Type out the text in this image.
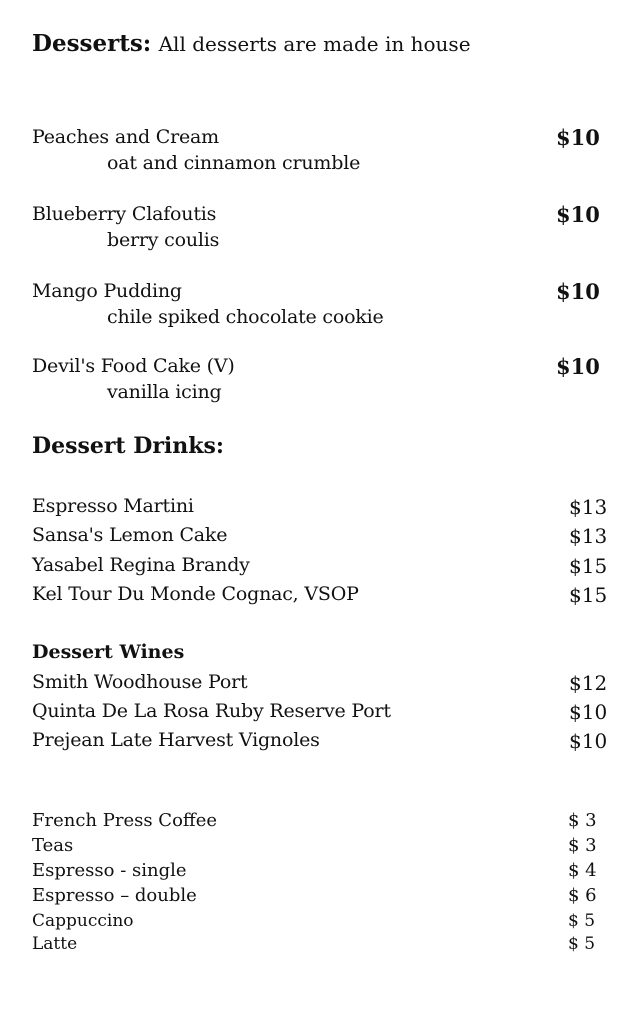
Desserts: All desserts are made in house
Peaches and Cream
oat and cinnamon crumble
$10
Blueberry Clafoutis
berry coulis
$10
Mango Pudding
chile spiked chocolate cookie
$10
Devil's Food Cake (V)
vanilla icing
$10
Dessert Drinks:
Espresso Martini	$13
Sansa's Lemon Cake	$13
Yasabel Regina Brandy	$15
Kel Tour Du Monde Cognac, VSOP	$15
Dessert Wines
Smith Woodhouse Port	$12
Quinta De La Rosa Ruby Reserve Port	$10
Prejean Late Harvest Vignoles	$10
French Press Coffee	$ 3
Teas	$ 3
Espresso - single	$ 4
Espresso – double	$ 6
Cappuccino	$ 5
Latte	$ 5
